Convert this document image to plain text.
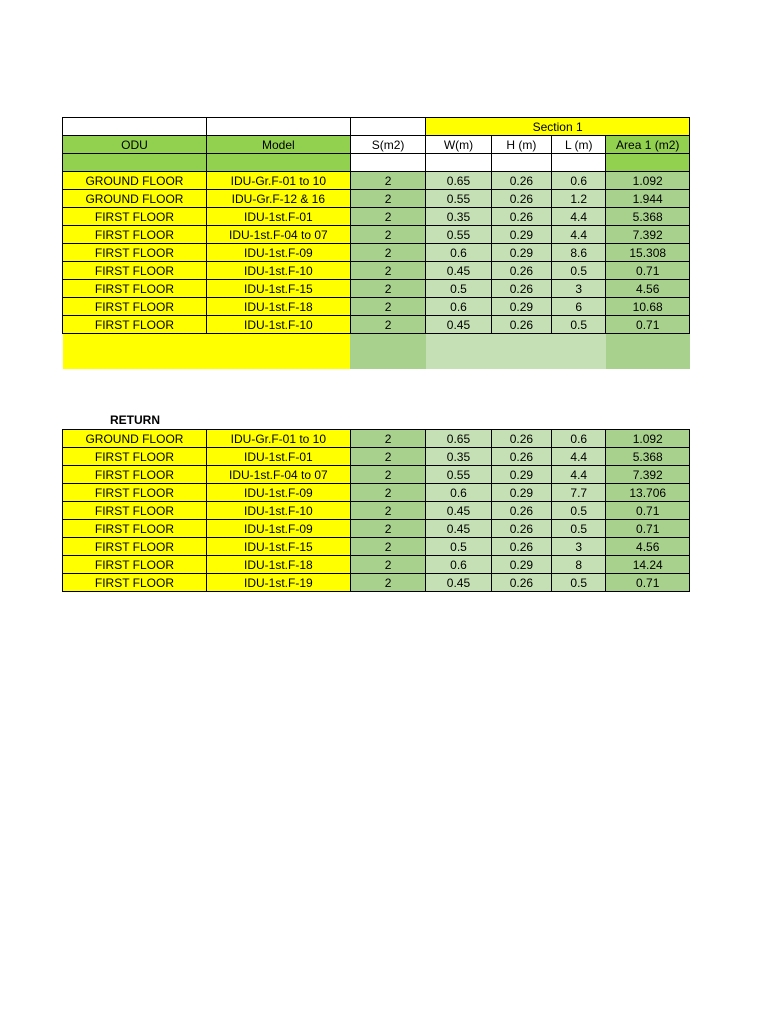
			Section 1			
ODU	Model	S(m2)	W(m)	H (m)	L (m)	Area 1 (m2)

GROUND FLOOR	IDU-Gr.F-01 to 10	2	0.65	0.26	0.6	1.092
GROUND FLOOR	IDU-Gr.F-12 & 16	2	0.55	0.26	1.2	1.944
FIRST FLOOR	IDU-1st.F-01	2	0.35	0.26	4.4	5.368
FIRST FLOOR	IDU-1st.F-04 to 07	2	0.55	0.29	4.4	7.392
FIRST FLOOR	IDU-1st.F-09	2	0.6	0.29	8.6	15.308
FIRST FLOOR	IDU-1st.F-10	2	0.45	0.26	0.5	0.71
FIRST FLOOR	IDU-1st.F-15	2	0.5	0.26	3	4.56
FIRST FLOOR	IDU-1st.F-18	2	0.6	0.29	6	10.68
FIRST FLOOR	IDU-1st.F-10	2	0.45	0.26	0.5	0.71

RETURN
GROUND FLOOR	IDU-Gr.F-01 to 10	2	0.65	0.26	0.6	1.092
FIRST FLOOR	IDU-1st.F-01	2	0.35	0.26	4.4	5.368
FIRST FLOOR	IDU-1st.F-04 to 07	2	0.55	0.29	4.4	7.392
FIRST FLOOR	IDU-1st.F-09	2	0.6	0.29	7.7	13.706
FIRST FLOOR	IDU-1st.F-10	2	0.45	0.26	0.5	0.71
FIRST FLOOR	IDU-1st.F-09	2	0.45	0.26	0.5	0.71
FIRST FLOOR	IDU-1st.F-15	2	0.5	0.26	3	4.56
FIRST FLOOR	IDU-1st.F-18	2	0.6	0.29	8	14.24
FIRST FLOOR	IDU-1st.F-19	2	0.45	0.26	0.5	0.71
